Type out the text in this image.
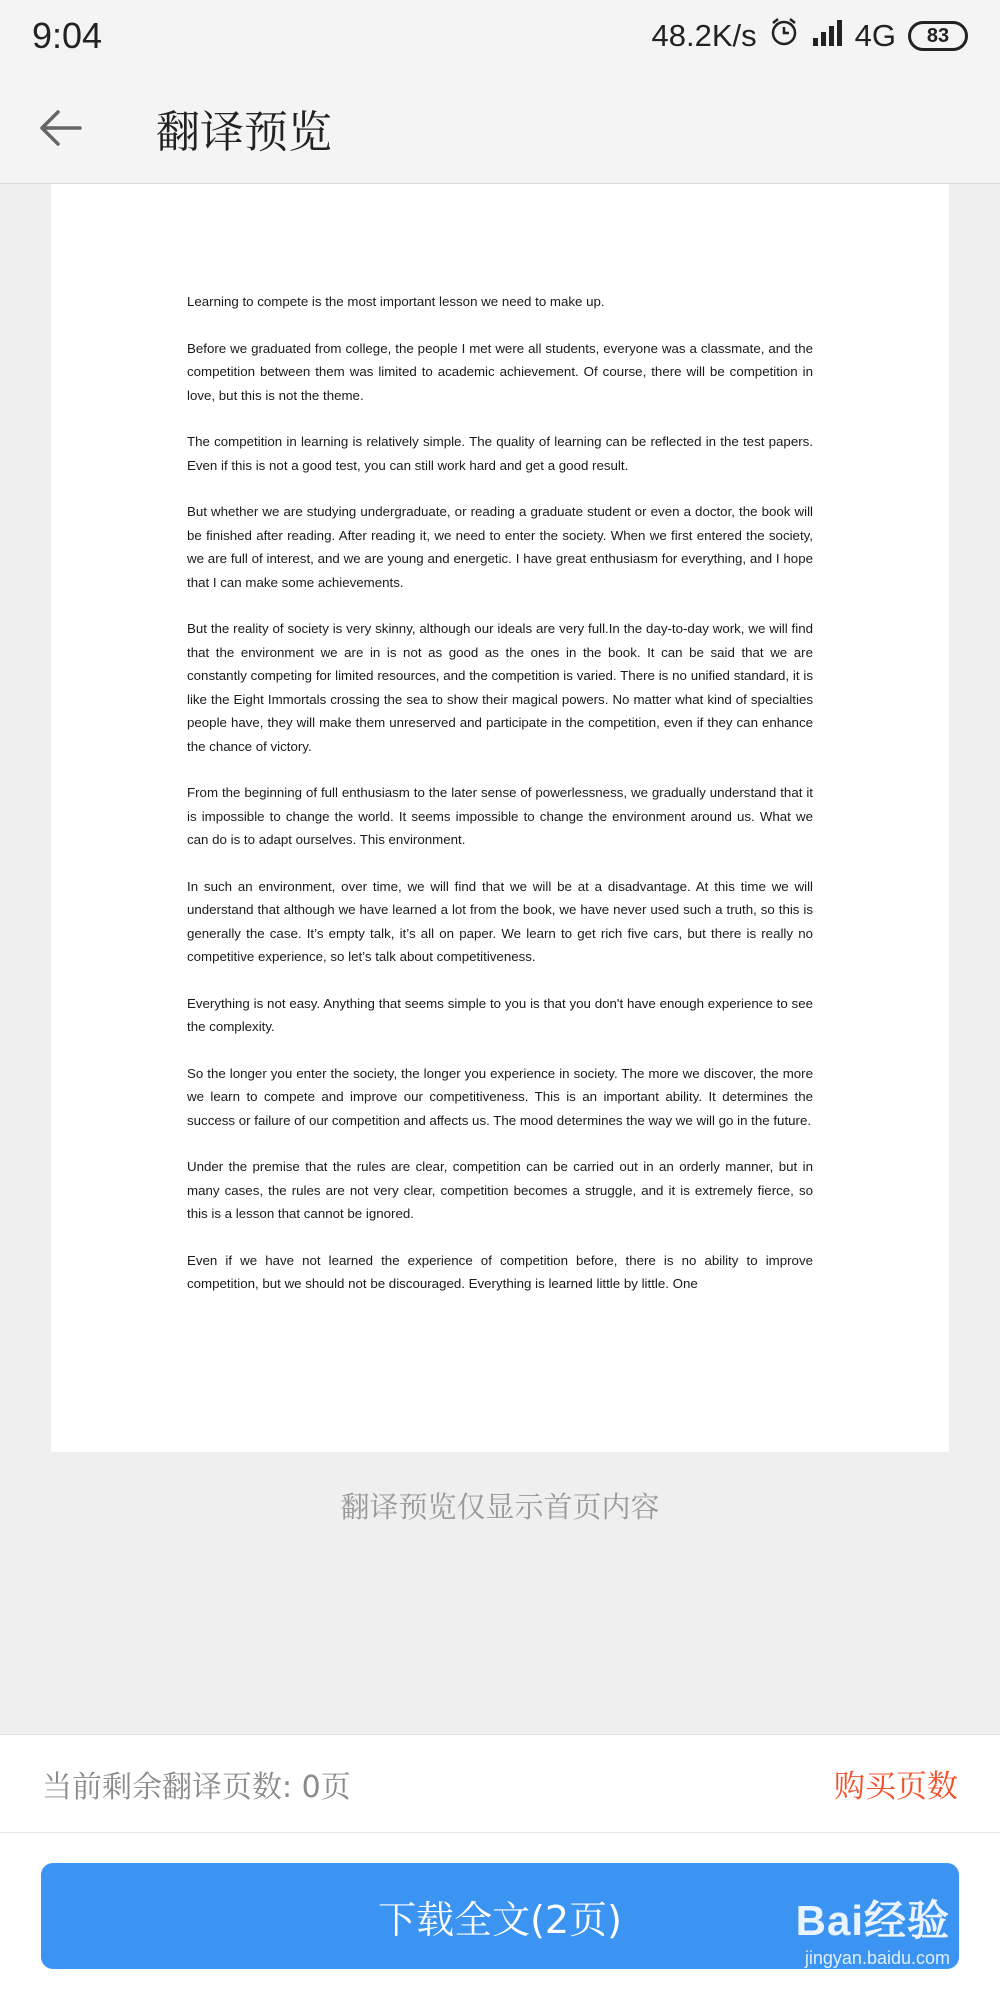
9:04	48.2K/s	4G	83
翻译预览

Learning to compete is the most important lesson we need to make up.

Before we graduated from college, the people I met were all students, everyone was a classmate, and the competition between them was limited to academic achievement. Of course, there will be competition in love, but this is not the theme.

The competition in learning is relatively simple. The quality of learning can be reflected in the test papers. Even if this is not a good test, you can still work hard and get a good result.

But whether we are studying undergraduate, or reading a graduate student or even a doctor, the book will be finished after reading. After reading it, we need to enter the society. When we first entered the society, we are full of interest, and we are young and energetic. I have great enthusiasm for everything, and I hope that I can make some achievements.

But the reality of society is very skinny, although our ideals are very full.In the day-to-day work, we will find that the environment we are in is not as good as the ones in the book. It can be said that we are constantly competing for limited resources, and the competition is varied. There is no unified standard, it is like the Eight Immortals crossing the sea to show their magical powers. No matter what kind of specialties people have, they will make them unreserved and participate in the competition, even if they can enhance the chance of victory.

From the beginning of full enthusiasm to the later sense of powerlessness, we gradually understand that it is impossible to change the world. It seems impossible to change the environment around us. What we can do is to adapt ourselves. This environment.

In such an environment, over time, we will find that we will be at a disadvantage. At this time we will understand that although we have learned a lot from the book, we have never used such a truth, so this is generally the case. It’s empty talk, it’s all on paper. We learn to get rich five cars, but there is really no competitive experience, so let’s talk about competitiveness.

Everything is not easy. Anything that seems simple to you is that you don't have enough experience to see the complexity.

So the longer you enter the society, the longer you experience in society. The more we discover, the more we learn to compete and improve our competitiveness. This is an important ability. It determines the success or failure of our competition and affects us. The mood determines the way we will go in the future.

Under the premise that the rules are clear, competition can be carried out in an orderly manner, but in many cases, the rules are not very clear, competition becomes a struggle, and it is extremely fierce, so this is a lesson that cannot be ignored.

Even if we have not learned the experience of competition before, there is no ability to improve competition, but we should not be discouraged. Everything is learned little by little. One

翻译预览仅显示首页内容
当前剩余翻译页数: 0页	购买页数
下载全文(2页)	Bai经验
jingyan.baidu.com
